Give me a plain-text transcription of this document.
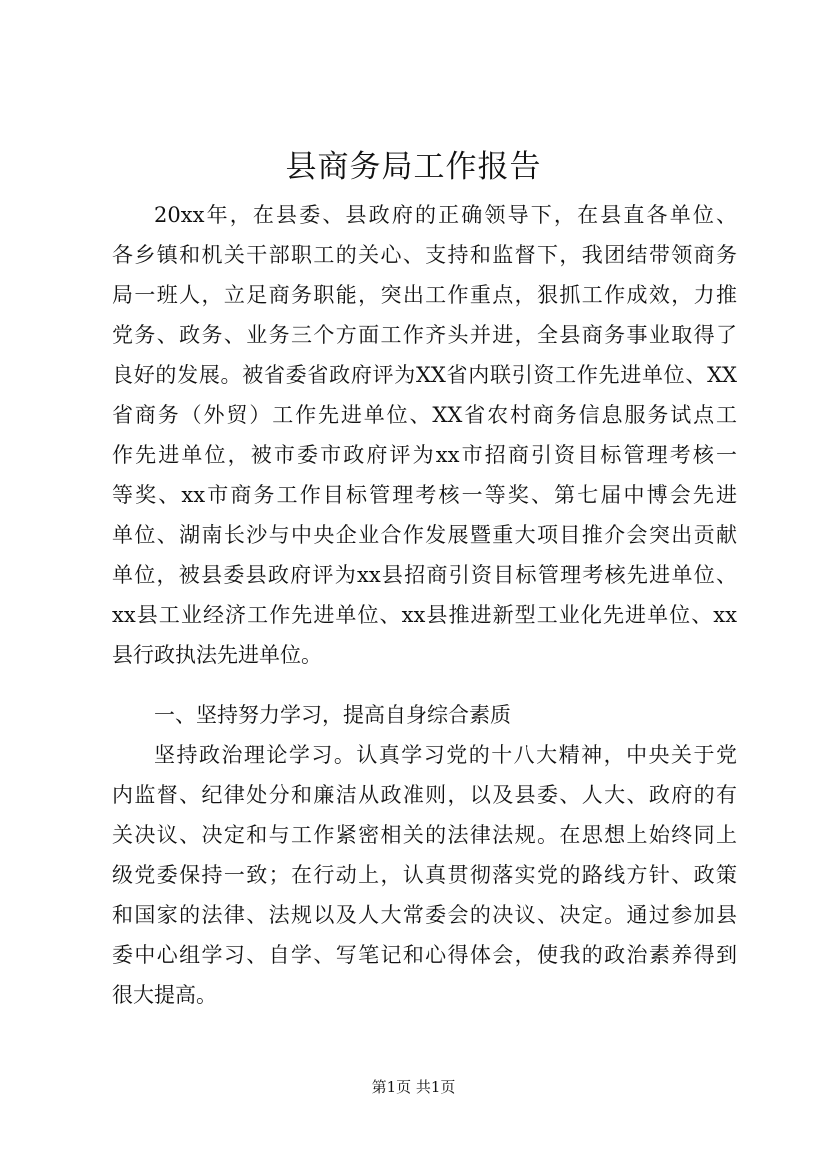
县商务局工作报告
20xx年，在县委、县政府的正确领导下，在县直各单位、
各乡镇和机关干部职工的关心、支持和监督下，我团结带领商务
局一班人，立足商务职能，突出工作重点，狠抓工作成效，力推
党务、政务、业务三个方面工作齐头并进，全县商务事业取得了
良好的发展。被省委省政府评为XX省内联引资工作先进单位、XX
省商务（外贸）工作先进单位、XX省农村商务信息服务试点工
作先进单位，被市委市政府评为xx市招商引资目标管理考核一
等奖、xx市商务工作目标管理考核一等奖、第七届中博会先进
单位、湖南长沙与中央企业合作发展暨重大项目推介会突出贡献
单位，被县委县政府评为xx县招商引资目标管理考核先进单位、
xx县工业经济工作先进单位、xx县推进新型工业化先进单位、xx
县行政执法先进单位。
一、坚持努力学习，提高自身综合素质
坚持政治理论学习。认真学习党的十八大精神，中央关于党
内监督、纪律处分和廉洁从政准则，以及县委、人大、政府的有
关决议、决定和与工作紧密相关的法律法规。在思想上始终同上
级党委保持一致；在行动上，认真贯彻落实党的路线方针、政策
和国家的法律、法规以及人大常委会的决议、决定。通过参加县
委中心组学习、自学、写笔记和心得体会，使我的政治素养得到
很大提高。
第1页 共1页
